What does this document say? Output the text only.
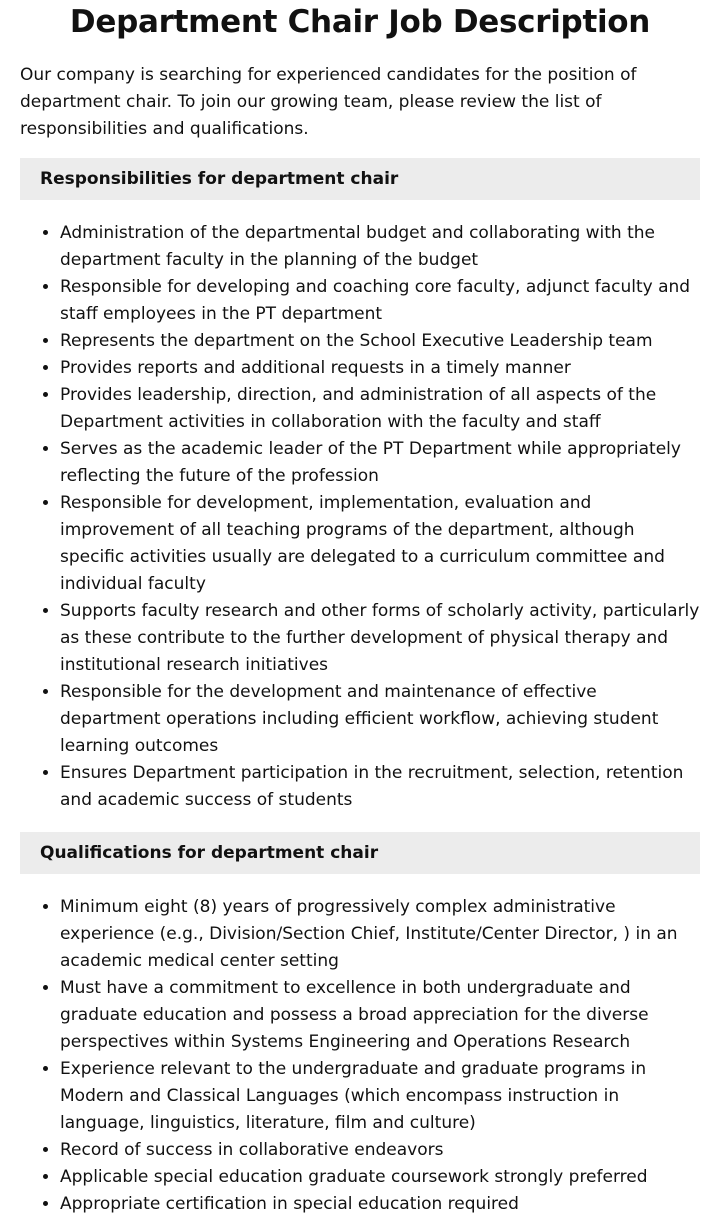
Department Chair Job Description

Our company is searching for experienced candidates for the position of department chair. To join our growing team, please review the list of responsibilities and qualifications.

Responsibilities for department chair
• Administration of the departmental budget and collaborating with the department faculty in the planning of the budget
• Responsible for developing and coaching core faculty, adjunct faculty and staff employees in the PT department
• Represents the department on the School Executive Leadership team
• Provides reports and additional requests in a timely manner
• Provides leadership, direction, and administration of all aspects of the Department activities in collaboration with the faculty and staff
• Serves as the academic leader of the PT Department while appropriately reflecting the future of the profession
• Responsible for development, implementation, evaluation and improvement of all teaching programs of the department, although specific activities usually are delegated to a curriculum committee and individual faculty
• Supports faculty research and other forms of scholarly activity, particularly as these contribute to the further development of physical therapy and institutional research initiatives
• Responsible for the development and maintenance of effective department operations including efficient workflow, achieving student learning outcomes
• Ensures Department participation in the recruitment, selection, retention and academic success of students
Qualifications for department chair
• Minimum eight (8) years of progressively complex administrative experience (e.g., Division/Section Chief, Institute/Center Director, ) in an academic medical center setting
• Must have a commitment to excellence in both undergraduate and graduate education and possess a broad appreciation for the diverse perspectives within Systems Engineering and Operations Research
• Experience relevant to the undergraduate and graduate programs in Modern and Classical Languages (which encompass instruction in language, linguistics, literature, film and culture)
• Record of success in collaborative endeavors
• Applicable special education graduate coursework strongly preferred
• Appropriate certification in special education required
